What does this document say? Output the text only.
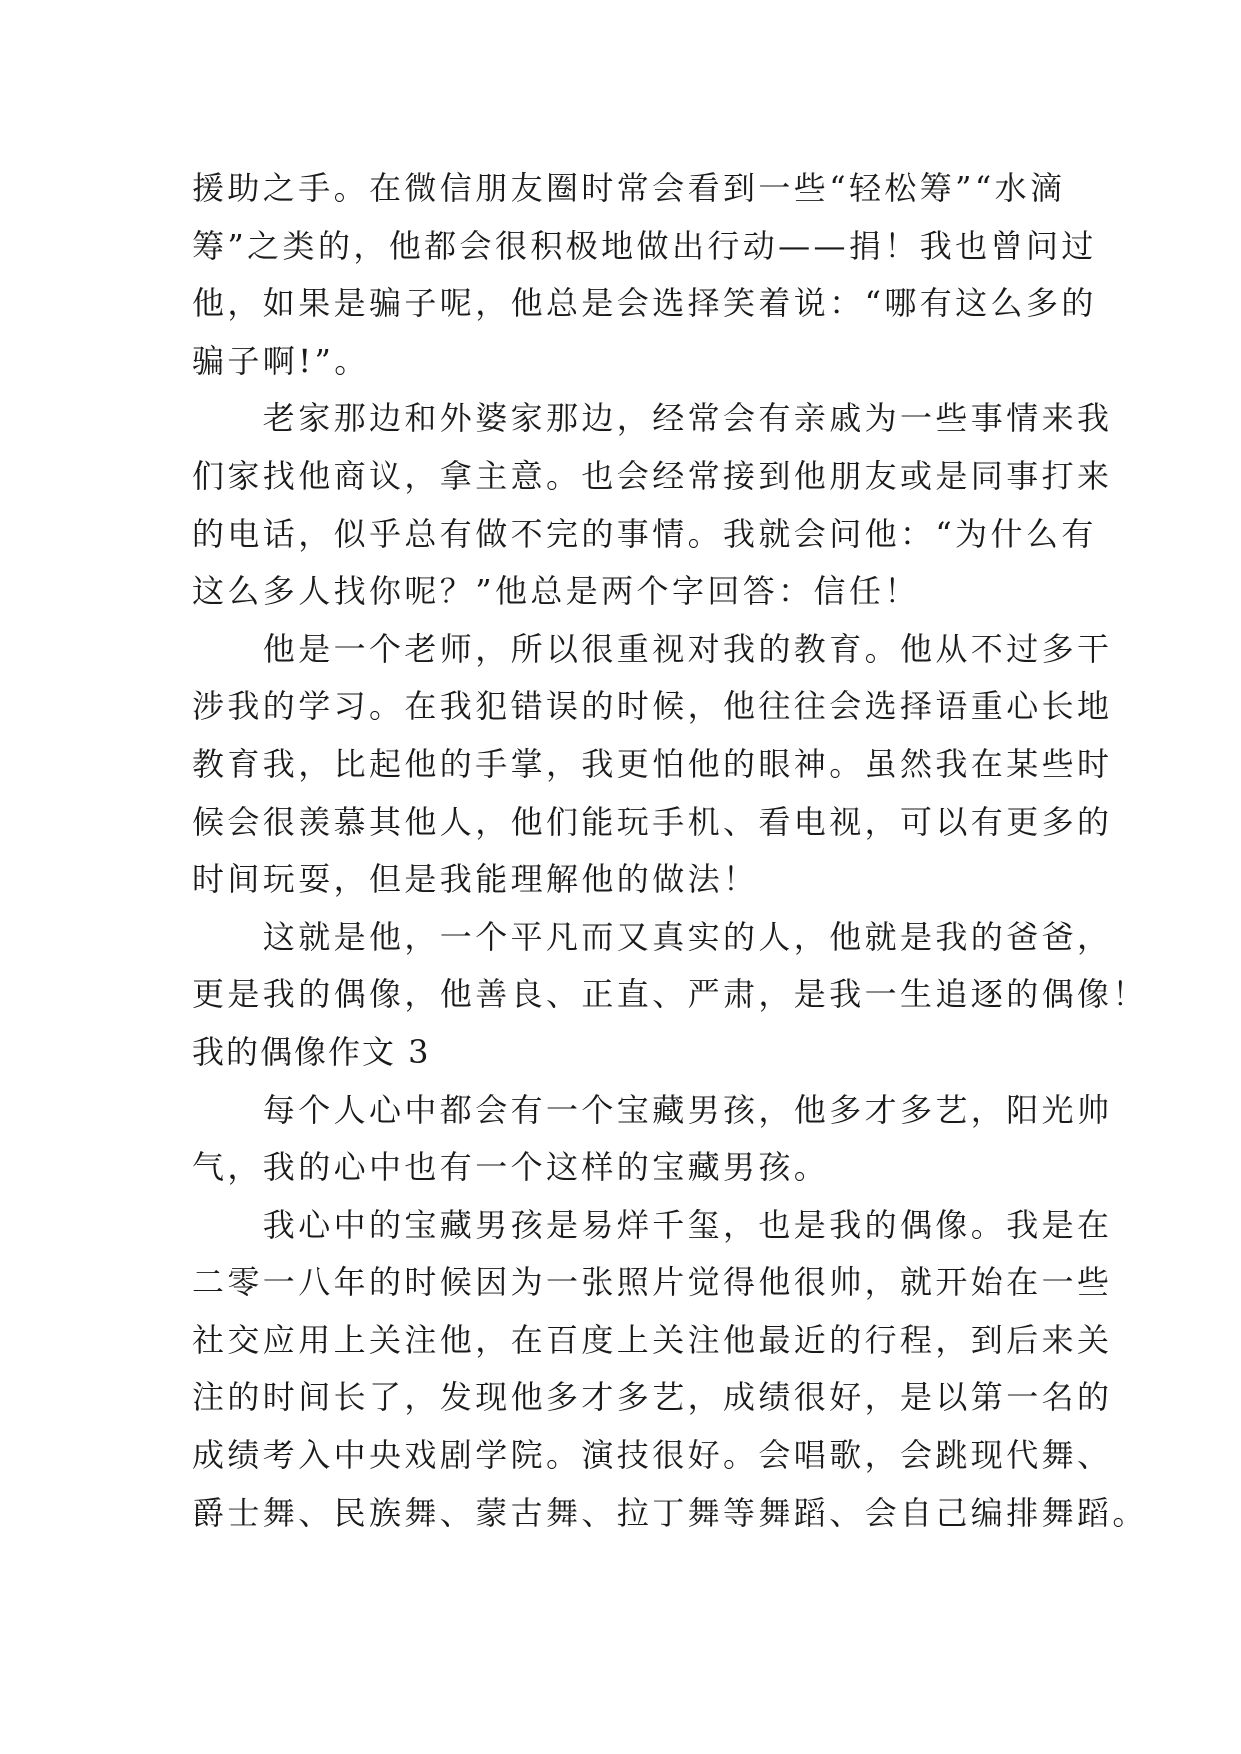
援助之手。在微信朋友圈时常会看到一些“轻松筹”“水滴
筹”之类的，他都会很积极地做出行动——捐！我也曾问过
他，如果是骗子呢，他总是会选择笑着说：“哪有这么多的
骗子啊!”。
　　老家那边和外婆家那边，经常会有亲戚为一些事情来我
们家找他商议，拿主意。也会经常接到他朋友或是同事打来
的电话，似乎总有做不完的事情。我就会问他：“为什么有
这么多人找你呢？”他总是两个字回答：信任！
　　他是一个老师，所以很重视对我的教育。他从不过多干
涉我的学习。在我犯错误的时候，他往往会选择语重心长地
教育我，比起他的手掌，我更怕他的眼神。虽然我在某些时
候会很羡慕其他人，他们能玩手机、看电视，可以有更多的
时间玩耍，但是我能理解他的做法！
　　这就是他，一个平凡而又真实的人，他就是我的爸爸，
更是我的偶像，他善良、正直、严肃，是我一生追逐的偶像！
我的偶像作文 3
　　每个人心中都会有一个宝藏男孩，他多才多艺，阳光帅
气，我的心中也有一个这样的宝藏男孩。
　　我心中的宝藏男孩是易烊千玺，也是我的偶像。我是在
二零一八年的时候因为一张照片觉得他很帅，就开始在一些
社交应用上关注他，在百度上关注他最近的行程，到后来关
注的时间长了，发现他多才多艺，成绩很好，是以第一名的
成绩考入中央戏剧学院。演技很好。会唱歌，会跳现代舞、
爵士舞、民族舞、蒙古舞、拉丁舞等舞蹈、会自己编排舞蹈。
